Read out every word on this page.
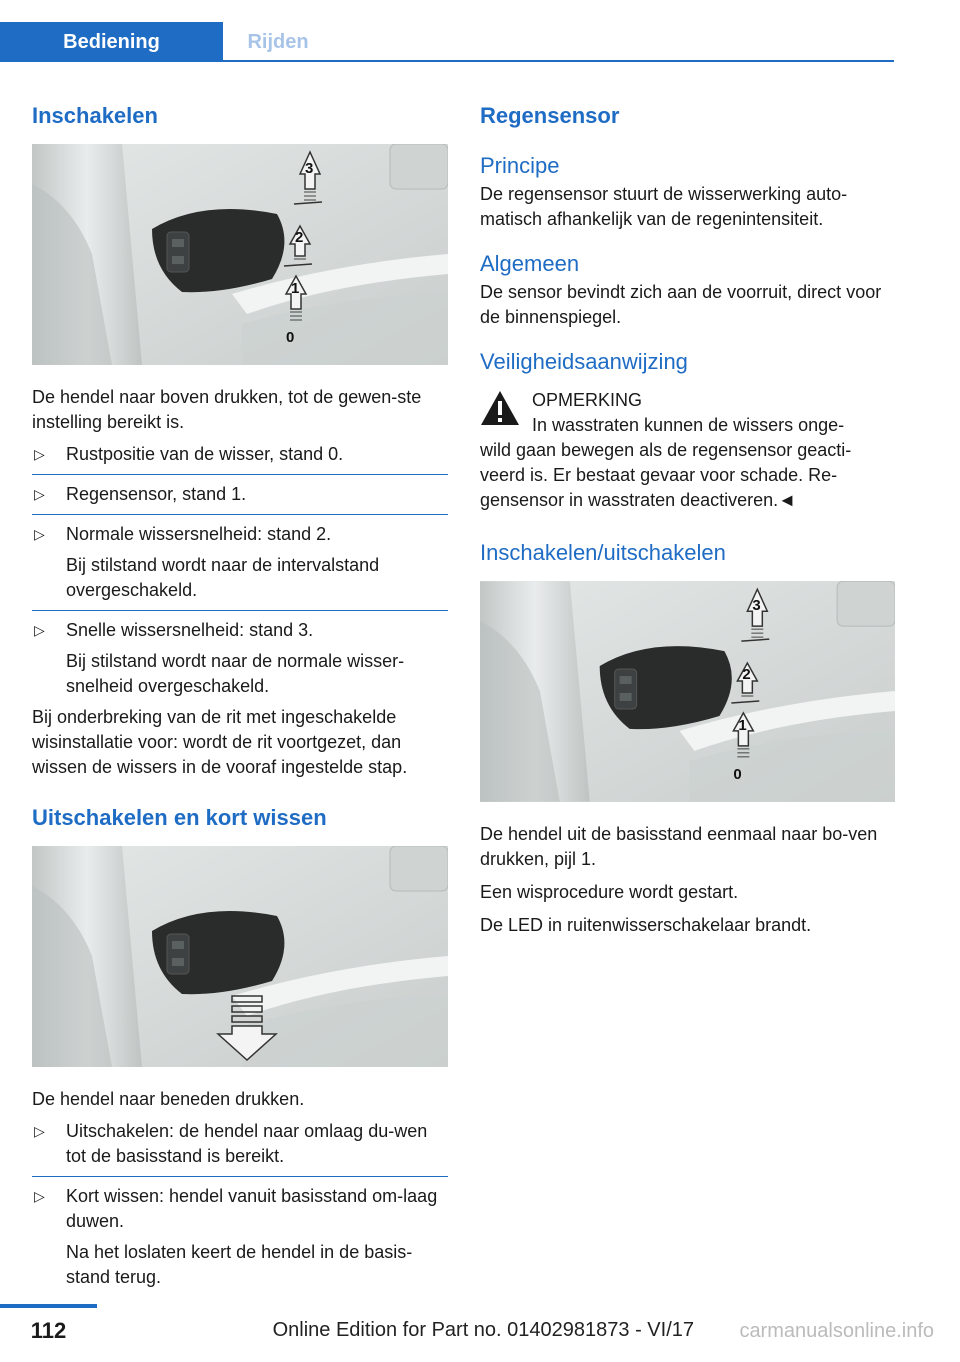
Bediening	Rijden
Inschakelen
3
2
1
0

De hendel naar boven drukken, tot de gewen-ste instelling bereikt is.

▷ Rustpositie van de wisser, stand 0.
▷ Regensensor, stand 1.
▷ Normale wissersnelheid: stand 2.
Bij stilstand wordt naar de intervalstand overgeschakeld.
▷ Snelle wissersnelheid: stand 3.
Bij stilstand wordt naar de normale wisser-snelheid overgeschakeld.

Bij onderbreking van de rit met ingeschakelde wisinstallatie voor: wordt de rit voortgezet, dan wissen de wissers in de vooraf ingestelde stap.

Uitschakelen en kort wissen

De hendel naar beneden drukken.

▷ Uitschakelen: de hendel naar omlaag du-wen tot de basisstand is bereikt.
▷ Kort wissen: hendel vanuit basisstand om-laag duwen.
Na het loslaten keert de hendel in de basis-stand terug.
Regensensor
Principe

De regensensor stuurt de wisserwerking auto-matisch afhankelijk van de regenintensiteit.

Algemeen

De sensor bevindt zich aan de voorruit, direct voor de binnenspiegel.

Veiligheidsaanwijzing

OPMERKING

In wasstraten kunnen de wissers onge-

wild gaan bewegen als de regensensor geacti-veerd is. Er bestaat gevaar voor schade. Re-gensensor in wasstraten deactiveren.◄

Inschakelen/uitschakelen
3
2
1
0

De hendel uit de basisstand eenmaal naar bo-ven drukken, pijl 1.

Een wisprocedure wordt gestart.

De LED in ruitenwisserschakelaar brandt.

112	Online Edition for Part no. 01402981873 - VI/17 carmanualsonline.info
